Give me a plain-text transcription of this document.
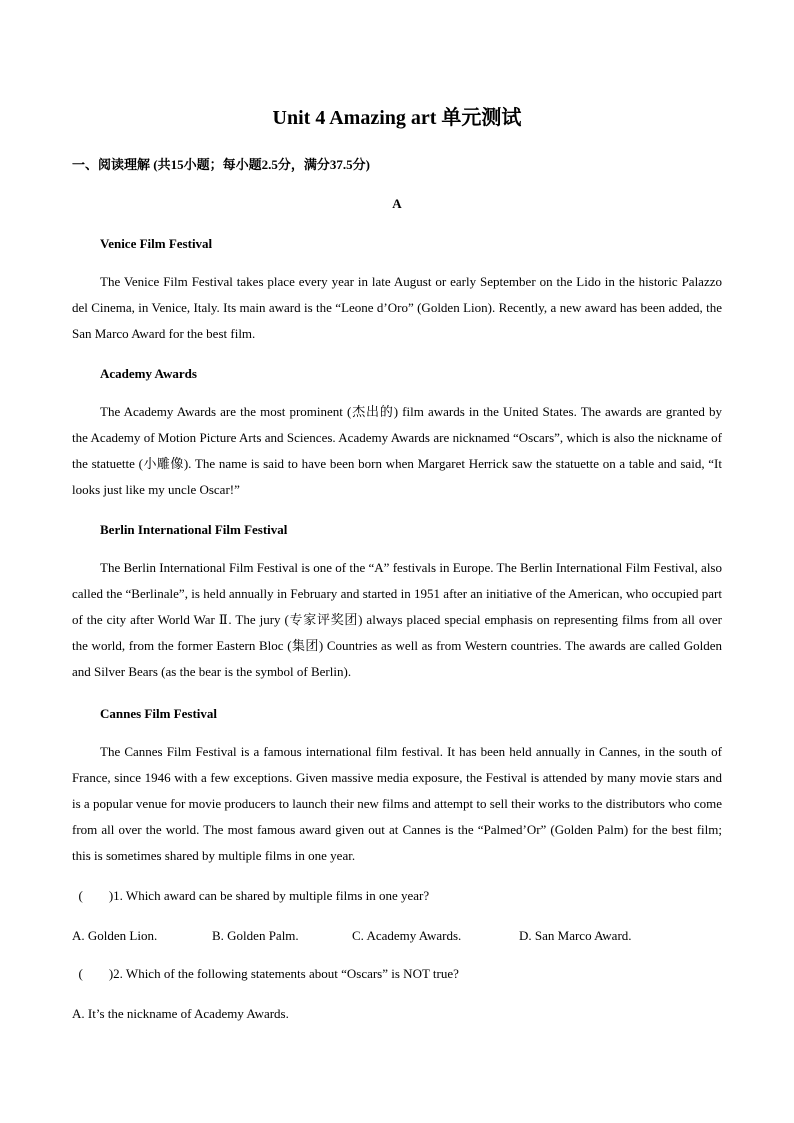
Unit 4 Amazing art 单元测试
一、阅读理解 (共15小题；每小题2.5分，满分37.5分)
A
Venice Film Festival

The Venice Film Festival takes place every year in late August or early September on the Lido in the historic Palazzo del Cinema, in Venice, Italy. Its main award is the “Leone d’Oro” (Golden Lion). Recently, a new award has been added, the San Marco Award for the best film.

Academy Awards

The Academy Awards are the most prominent (杰出的) film awards in the United States. The awards are granted by the Academy of Motion Picture Arts and Sciences. Academy Awards are nicknamed “Oscars”, which is also the nickname of the statuette (小雕像). The name is said to have been born when Margaret Herrick saw the statuette on a table and said, “It looks just like my uncle Oscar!”

Berlin International Film Festival

The Berlin International Film Festival is one of the “A” festivals in Europe. The Berlin International Film Festival, also called the “Berlinale”, is held annually in February and started in 1951 after an initiative of the American, who occupied part of the city after World War Ⅱ. The jury (专家评奖团) always placed special emphasis on representing films from all over the world, from the former Eastern Bloc (集团) Countries as well as from Western countries. The awards are called Golden and Silver Bears (as the bear is the symbol of Berlin).

Cannes Film Festival

The Cannes Film Festival is a famous international film festival. It has been held annually in Cannes, in the south of France, since 1946 with a few exceptions. Given massive media exposure, the Festival is attended by many movie stars and is a popular venue for movie producers to launch their new films and attempt to sell their works to the distributors who come from all over the world. The most famous award given out at Cannes is the “Palmed’Or” (Golden Palm) for the best film; this is sometimes shared by multiple films in one year.

(        )1. Which award can be shared by multiple films in one year?
A. Golden Lion.	B. Golden Palm.	C. Academy Awards.	D. San Marco Award.
(        )2. Which of the following statements about “Oscars” is NOT true?
A. It’s the nickname of Academy Awards.
